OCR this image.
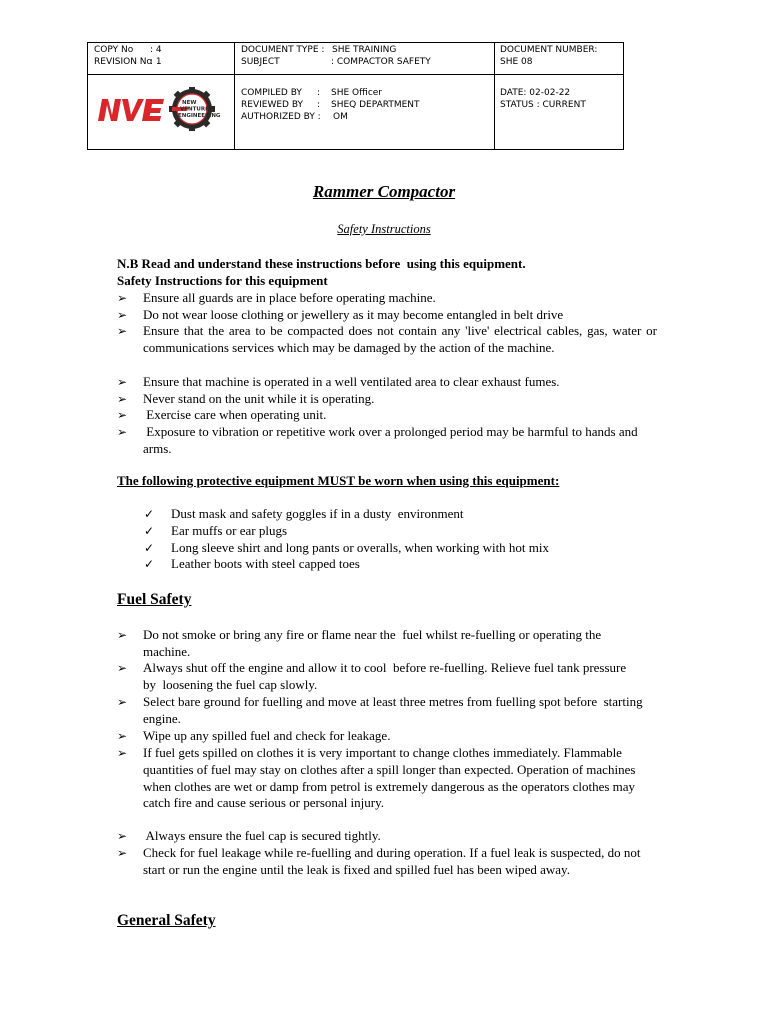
COPY No	: 4
REVISION No
: 1
DOCUMENT TYPE : SHE TRAINING
SUBJECT	: COMPACTOR SAFETY
DOCUMENT NUMBER:
SHE 08
NEW
VENTURES
ENGINEERING
COMPILED BY	:	SHE Officer
REVIEWED BY	:	SHEQ DEPARTMENT
AUTHORIZED BY :	OM
DATE: 02-02-22
STATUS : CURRENT
Rammer Compactor
Safety Instructions
N.B Read and understand these instructions before  using this equipment.
Safety Instructions for this equipment
➢ Ensure all guards are in place before operating machine.
➢ Do not wear loose clothing or jewellery as it may become entangled in belt drive
➢ Ensure that the area to be compacted does not contain any 'live' electrical cables, gas, water or communications services which may be damaged by the action of the machine.
➢ Ensure that machine is operated in a well ventilated area to clear exhaust fumes.
➢ Never stand on the unit while it is operating.
➢ Exercise care when operating unit.
➢ Exposure to vibration or repetitive work over a prolonged period may be harmful to hands and arms.
The following protective equipment MUST be worn when using this equipment:
✓ Dust mask and safety goggles if in a dusty  environment
✓ Ear muffs or ear plugs
✓ Long sleeve shirt and long pants or overalls, when working with hot mix
✓ Leather boots with steel capped toes
Fuel Safety
➢ Do not smoke or bring any fire or flame near the  fuel whilst re-fuelling or operating the machine.
➢ Always shut off the engine and allow it to cool  before re-fuelling. Relieve fuel tank pressure by  loosening the fuel cap slowly.
➢ Select bare ground for fuelling and move at least three metres from fuelling spot before  starting engine.
➢ Wipe up any spilled fuel and check for leakage.
➢ If fuel gets spilled on clothes it is very important to change clothes immediately. Flammable quantities of fuel may stay on clothes after a spill longer than expected. Operation of machines when clothes are wet or damp from petrol is extremely dangerous as the operators clothes may catch fire and cause serious or personal injury.
➢ Always ensure the fuel cap is secured tightly.
➢ Check for fuel leakage while re-fuelling and during operation. If a fuel leak is suspected, do not start or run the engine until the leak is fixed and spilled fuel has been wiped away.
General Safety
